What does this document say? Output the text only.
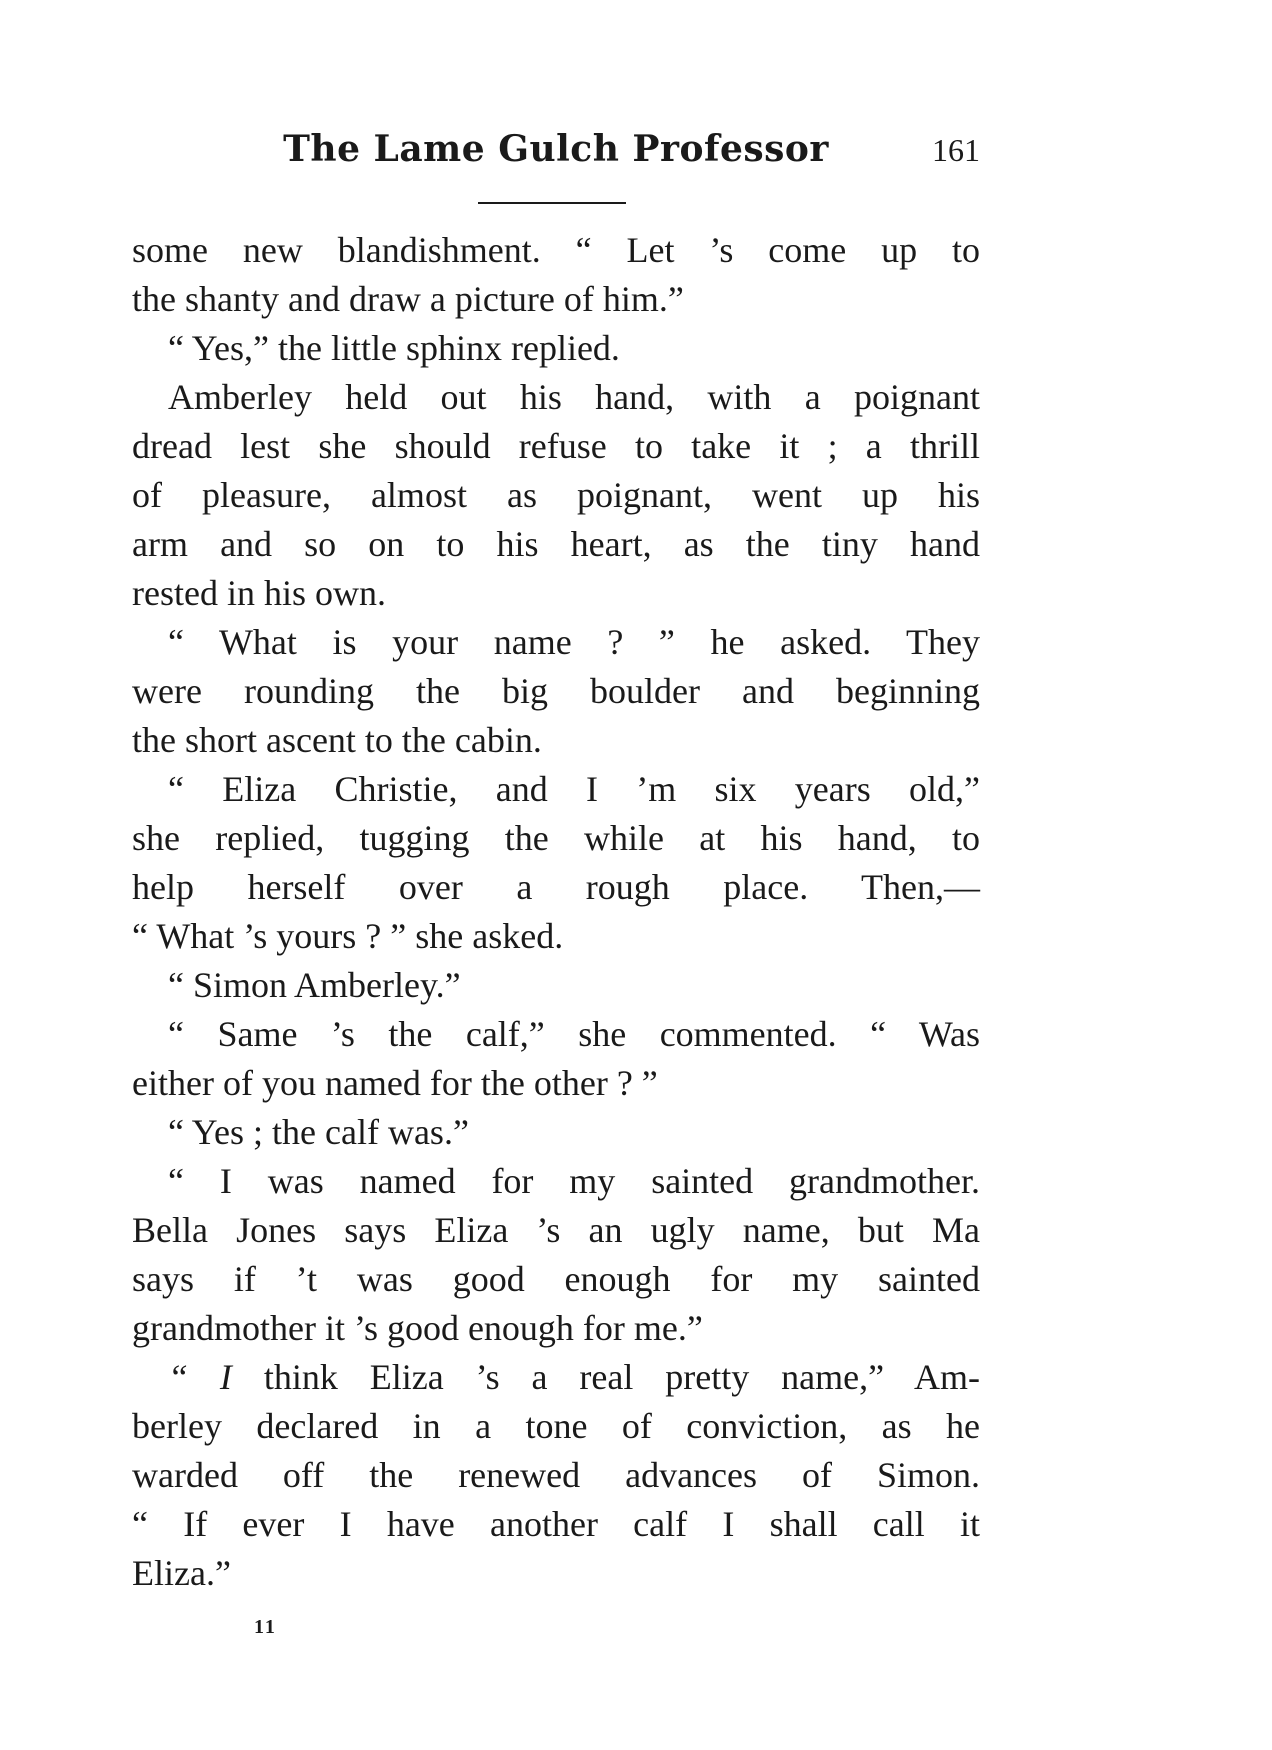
The Lame Gulch Professor	161
some new blandishment. “ Let ’s come up to
the shanty and draw a picture of him.”
“ Yes,” the little sphinx replied.
Amberley held out his hand, with a poignant
dread lest she should refuse to take it ; a thrill
of pleasure, almost as poignant, went up his
arm and so on to his heart, as the tiny hand
rested in his own.
“ What is your name ? ” he asked. They
were rounding the big boulder and beginning
the short ascent to the cabin.
“ Eliza Christie, and I ’m six years old,”
she replied, tugging the while at his hand, to
help herself over a rough place. Then,—
“ What ’s yours ? ” she asked.
“ Simon Amberley.”
“ Same ’s the calf,” she commented. “ Was
either of you named for the other ? ”
“ Yes ; the calf was.”
“ I was named for my sainted grandmother.
Bella Jones says Eliza ’s an ugly name, but Ma
says if ’t was good enough for my sainted
grandmother it ’s good enough for me.”
“ I think Eliza ’s a real pretty name,” Am-
berley declared in a tone of conviction, as he
warded off the renewed advances of Simon.
“ If ever I have another calf I shall call it
Eliza.”
11
